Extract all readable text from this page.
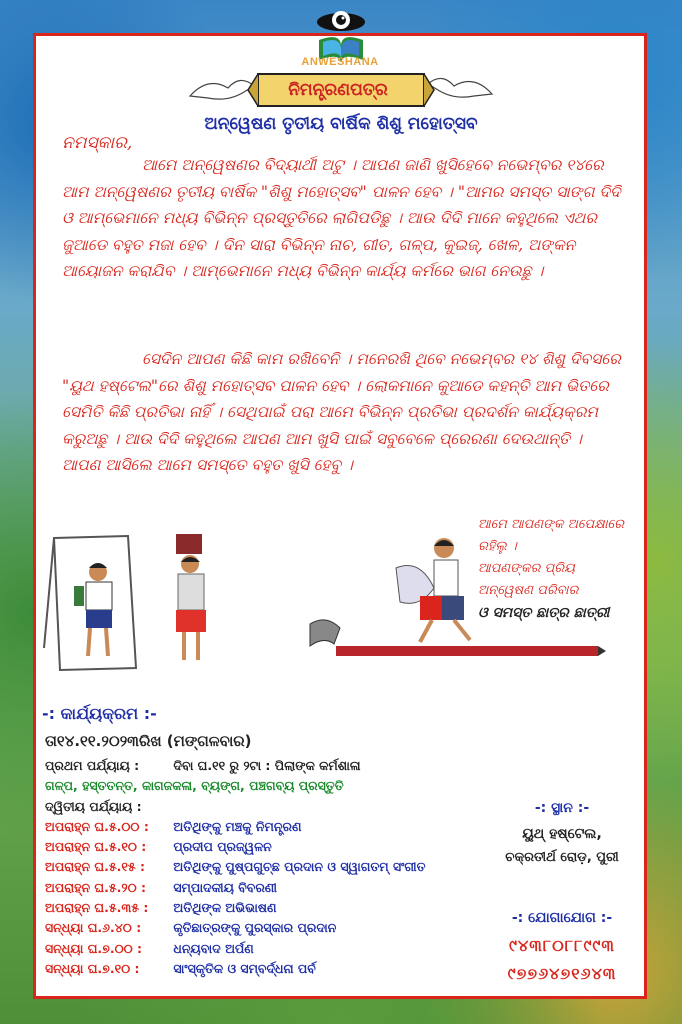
ANWESHANA
ନିମନ୍ତ୍ରଣପତ୍ର
ଅନ୍ୱେଷଣ ତୃତୀୟ ବାର୍ଷିକ ଶିଶୁ ମହୋତ୍ସବ
ନମସ୍କାର,
ଆମେ ଅନ୍ୱେଷଣର ବିଦ୍ୟାର୍ଥୀ ଅଟୁ । ଆପଣ ଜାଣି ଖୁସିହେବେ ନଭେମ୍ବର ୧୪ରେ ଆମ ଅନ୍ୱେଷଣର ତୃତୀୟ ବାର୍ଷିକ "ଶିଶୁ ମହୋତ୍ସବ" ପାଳନ ହେବ । "ଆମର ସମସ୍ତ ସାଙ୍ଗ ଦିଦି ଓ ଆମ୍ଭେମାନେ ମଧ୍ୟ ବିଭିନ୍ନ ପ୍ରସ୍ତୁତିରେ ଲାଗିପଡିଛୁ । ଆଉ ଦିଦି ମାନେ କହୁଥିଲେ ଏଥର ଜୁଆଡେ ବହୁତ ମଜା ହେବ । ଦିନ ସାରା ବିଭିନ୍ନ ନାଚ, ଗୀତ, ଗଳ୍ପ, କୁଇଜ୍, ଖେଳ, ଅଙ୍କନ ଆୟୋଜନ କରାଯିବ । ଆମ୍ଭେମାନେ ମଧ୍ୟ ବିଭିନ୍ନ କାର୍ଯ୍ୟ କର୍ମରେ ଭାଗ ନେଉଛୁ ।
ସେଦିନ ଆପଣ କିଛି କାମ ରଖିବେନି । ମନେରଖି ଥିବେ ନଭେମ୍ବର ୧୪ ଶିଶୁ ଦିବସରେ "ୟୁଥ ହଷ୍ଟେଲ"ରେ ଶିଶୁ ମହୋତ୍ସବ ପାଳନ ହେବ । ଲୋକମାନେ କୁଆଡେ କହନ୍ତି ଆମ ଭିତରେ ସେମିତି କିଛି ପ୍ରତିଭା ନାହିଁ । ସେଥିପାଇଁ ପରା ଆମେ ବିଭିନ୍ନ ପ୍ରତିଭା ପ୍ରଦର୍ଶନ କାର୍ଯ୍ୟକ୍ରମ କରୁଅଛୁ । ଆଉ ଦିଦି କହୁଥିଲେ ଆପଣ ଆମ ଖୁସି ପାଇଁ ସବୁବେଳେ ପ୍ରେରଣା ଦେଉଥାନ୍ତି । ଆପଣ ଆସିଲେ ଆମେ ସମସ୍ତେ ବହୁତ ଖୁସି ହେବୁ ।
ଆମେ ଆପଣଙ୍କ ଅପେକ୍ଷାରେ ରହିଲୁ ।
ଆପଣଙ୍କର ପ୍ରିୟ
ଅନ୍ୱେଷଣ ପରିବାର
ଓ ସମସ୍ତ ଛାତ୍ର ଛାତ୍ରୀ
-: କାର୍ଯ୍ୟକ୍ରମ :-
ତା୧୪.୧୧.୨୦୨୩ରିଖ (ମଙ୍ଗଳବାର)
ପ୍ରଥମ ପର୍ଯ୍ୟାୟ :	ଦିବା ଘ.୧୧ ରୁ ୨ଟା : ପିଲାଙ୍କ କର୍ମଶାଳା
ଗଳ୍ପ, ହସ୍ତତନ୍ତ, କାଗଜକଳା, ବ୍ୟଙ୍ଗ, ପଞ୍ଚଗବ୍ୟ ପ୍ରସ୍ତୁତି
ଦ୍ୱିତୀୟ ପର୍ଯ୍ୟାୟ :
ଅପରାହ୍ନ ଘ.୫.୦୦ : ଅତିଥିଙ୍କୁ ମଞ୍ଚକୁ ନିମନ୍ତ୍ରଣ
ଅପରାହ୍ନ ଘ.୫.୧୦ : ପ୍ରଦୀପ ପ୍ରଜ୍ୱଳନ
ଅପରାହ୍ନ ଘ.୫.୧୫ : ଅତିଥିଙ୍କୁ ପୁଷ୍ପଗୁଚ୍ଛ ପ୍ରଦାନ ଓ ସ୍ୱାଗତମ୍ ସଂଗୀତ
ଅପରାହ୍ନ ଘ.୫.୨୦ : ସମ୍ପାଦକୀୟ ବିବରଣୀ
ଅପରାହ୍ନ ଘ.୫.୩୫ : ଅତିଥିଙ୍କ ଅଭିଭାଷଣ
ସନ୍ଧ୍ୟା ଘ.୬.୪୦ :	କୃତିଛାତ୍ରଙ୍କୁ ପୁରସ୍କାର ପ୍ରଦାନ
ସନ୍ଧ୍ୟା ଘ.୭.୦୦ :	ଧନ୍ୟବାଦ ଅର୍ପଣ
ସନ୍ଧ୍ୟା ଘ.୭.୧୦ :	ସାଂସ୍କୃତିକ ଓ ସମ୍ବର୍ଦ୍ଧନା ପର୍ବ
-: ସ୍ଥାନ :-
ୟୁଥ୍ ହଷ୍ଟେଲ,
ଚକ୍ରତୀର୍ଥ ରୋଡ଼, ପୁରୀ
-: ଯୋଗାଯୋଗ :-
୯୪୩୮୦୮୮୯୯୩
୯୭୭୬୪୭୧୬୪୩
